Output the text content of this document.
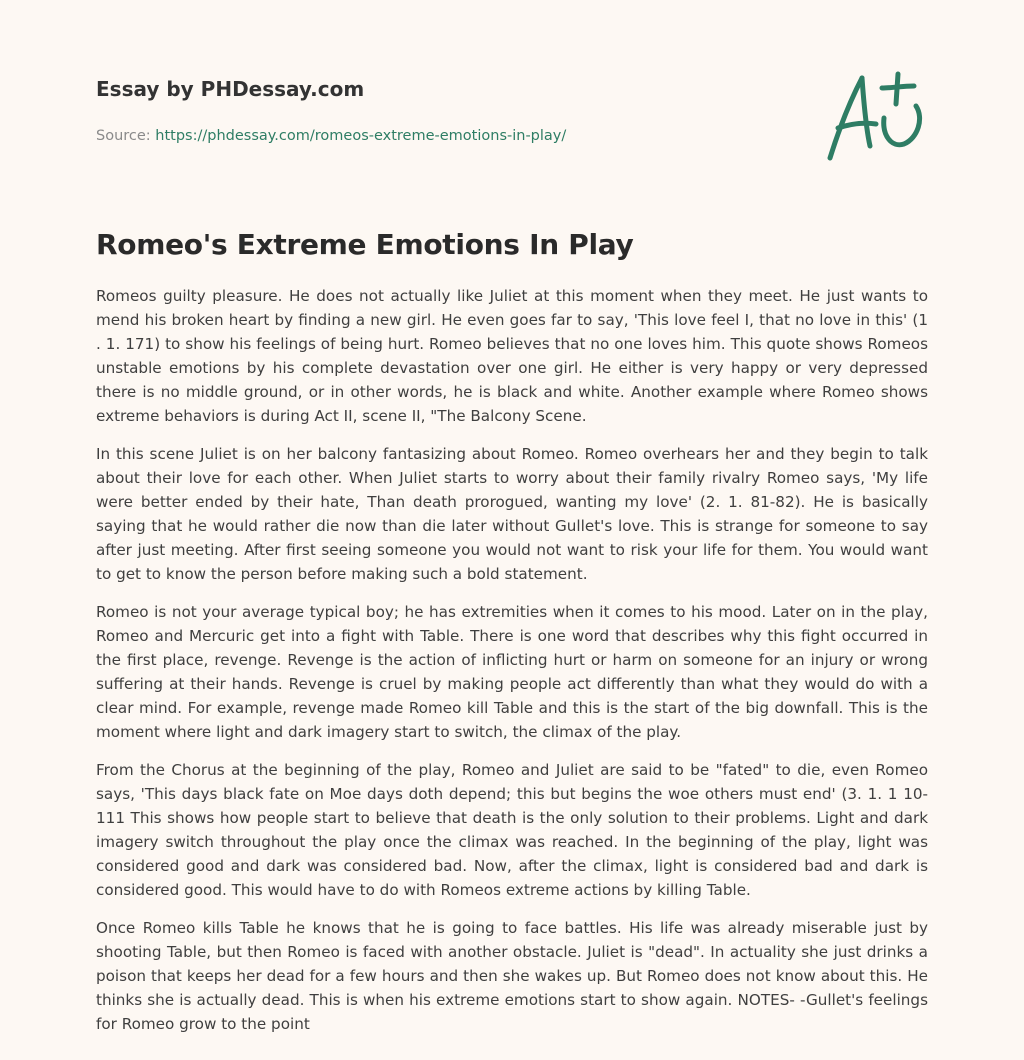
Essay by PHDessay.com
Source: https://phdessay.com/romeos-extreme-emotions-in-play/
Romeo's Extreme Emotions In Play

Romeos guilty pleasure. He does not actually like Juliet at this moment when they meet. He just wants to mend his broken heart by finding a new girl. He even goes far to say, 'This love feel I, that no love in this' (1 . 1. 171) to show his feelings of being hurt. Romeo believes that no one loves him. This quote shows Romeos unstable emotions by his complete devastation over one girl. He either is very happy or very depressed there is no middle ground, or in other words, he is black and white. Another example where Romeo shows extreme behaviors is during Act II, scene II, "The Balcony Scene.

In this scene Juliet is on her balcony fantasizing about Romeo. Romeo overhears her and they begin to talk about their love for each other. When Juliet starts to worry about their family rivalry Romeo says, 'My life were better ended by their hate, Than death prorogued, wanting my love' (2. 1. 81-82). He is basically saying that he would rather die now than die later without Gullet's love. This is strange for someone to say after just meeting. After first seeing someone you would not want to risk your life for them. You would want to get to know the person before making such a bold statement.

Romeo is not your average typical boy; he has extremities when it comes to his mood. Later on in the play, Romeo and Mercuric get into a fight with Table. There is one word that describes why this fight occurred in the first place, revenge. Revenge is the action of inflicting hurt or harm on someone for an injury or wrong suffering at their hands. Revenge is cruel by making people act differently than what they would do with a clear mind. For example, revenge made Romeo kill Table and this is the start of the big downfall. This is the moment where light and dark imagery start to switch, the climax of the play.

From the Chorus at the beginning of the play, Romeo and Juliet are said to be "fated" to die, even Romeo says, 'This days black fate on Moe days doth depend; this but begins the woe others must end' (3. 1. 1 10-111 This shows how people start to believe that death is the only solution to their problems. Light and dark imagery switch throughout the play once the climax was reached. In the beginning of the play, light was considered good and dark was considered bad. Now, after the climax, light is considered bad and dark is considered good. This would have to do with Romeos extreme actions by killing Table.

Once Romeo kills Table he knows that he is going to face battles. His life was already miserable just by shooting Table, but then Romeo is faced with another obstacle. Juliet is "dead". In actuality she just drinks a poison that keeps her dead for a few hours and then she wakes up. But Romeo does not know about this. He thinks she is actually dead. This is when his extreme emotions start to show again. NOTES- -Gullet's feelings for Romeo grow to the point
